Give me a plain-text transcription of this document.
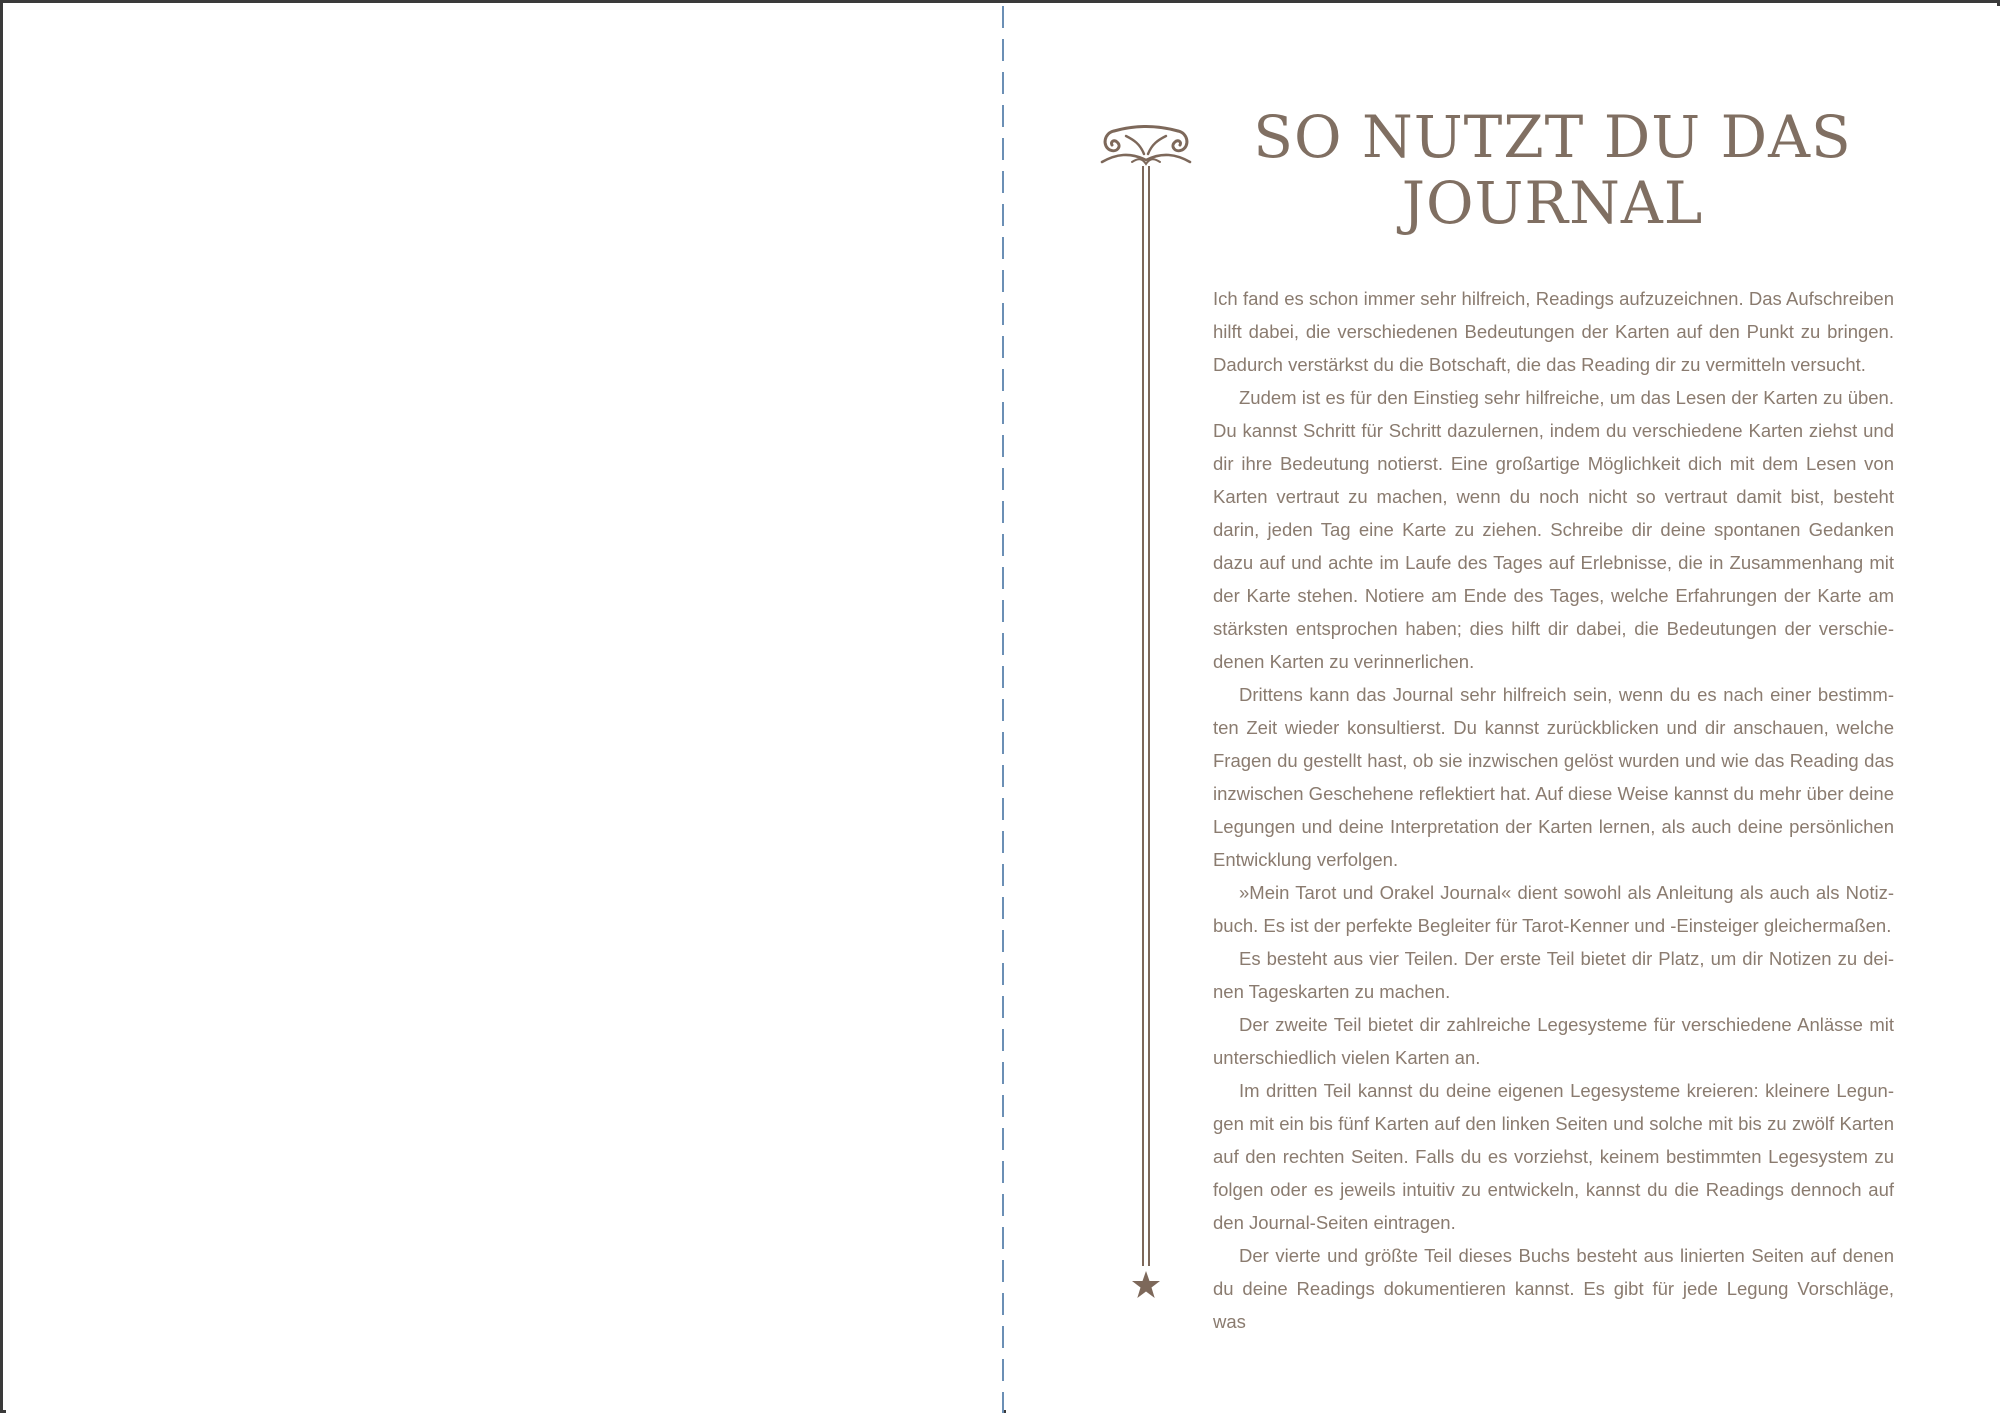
SO NUTZT DU DAS
JOURNAL

Ich fand es schon immer sehr hilfreich, Readings aufzuzeichnen. Das Aufschreiben hilft dabei, die verschiedenen Bedeutungen der Karten auf den Punkt zu bringen. Dadurch verstärkst du die Botschaft, die das Reading dir zu vermitteln versucht.

Zudem ist es für den Einstieg sehr hilfreiche, um das Lesen der Karten zu üben. Du kannst Schritt für Schritt dazulernen, indem du verschiedene Karten ziehst und dir ihre Bedeutung notierst. Eine großartige Möglichkeit dich mit dem Lesen von Karten vertraut zu machen, wenn du noch nicht so vertraut damit bist, besteht darin, jeden Tag eine Karte zu ziehen. Schreibe dir deine spontanen Gedanken dazu auf und achte im Laufe des Tages auf Erlebnisse, die in Zusammenhang mit der Karte stehen. Notiere am Ende des Tages, welche Erfahrungen der Karte am stärksten entsprochen haben; dies hilft dir dabei, die Bedeutungen der verschiedenen Karten zu verinnerlichen.

Drittens kann das Journal sehr hilfreich sein, wenn du es nach einer bestimmten Zeit wieder konsultierst. Du kannst zurückblicken und dir anschauen, welche Fragen du gestellt hast, ob sie inzwischen gelöst wurden und wie das Reading das inzwischen Geschehene reflektiert hat. Auf diese Weise kannst du mehr über deine Legungen und deine Interpretation der Karten lernen, als auch deine persönlichen Entwicklung verfolgen.

»Mein Tarot und Orakel Journal« dient sowohl als Anleitung als auch als Notizbuch. Es ist der perfekte Begleiter für Tarot-Kenner und -Einsteiger gleichermaßen.

Es besteht aus vier Teilen. Der erste Teil bietet dir Platz, um dir Notizen zu deinen Tageskarten zu machen.

Der zweite Teil bietet dir zahlreiche Legesysteme für verschiedene Anlässe mit unterschiedlich vielen Karten an.

Im dritten Teil kannst du deine eigenen Legesysteme kreieren: kleinere Legungen mit ein bis fünf Karten auf den linken Seiten und solche mit bis zu zwölf Karten auf den rechten Seiten. Falls du es vorziehst, keinem bestimmten Legesystem zu folgen oder es jeweils intuitiv zu entwickeln, kannst du die Readings dennoch auf den Journal-Seiten eintragen.

Der vierte und größte Teil dieses Buchs besteht aus linierten Seiten auf denen du deine Readings dokumentieren kannst. Es gibt für jede Legung Vorschläge, was
